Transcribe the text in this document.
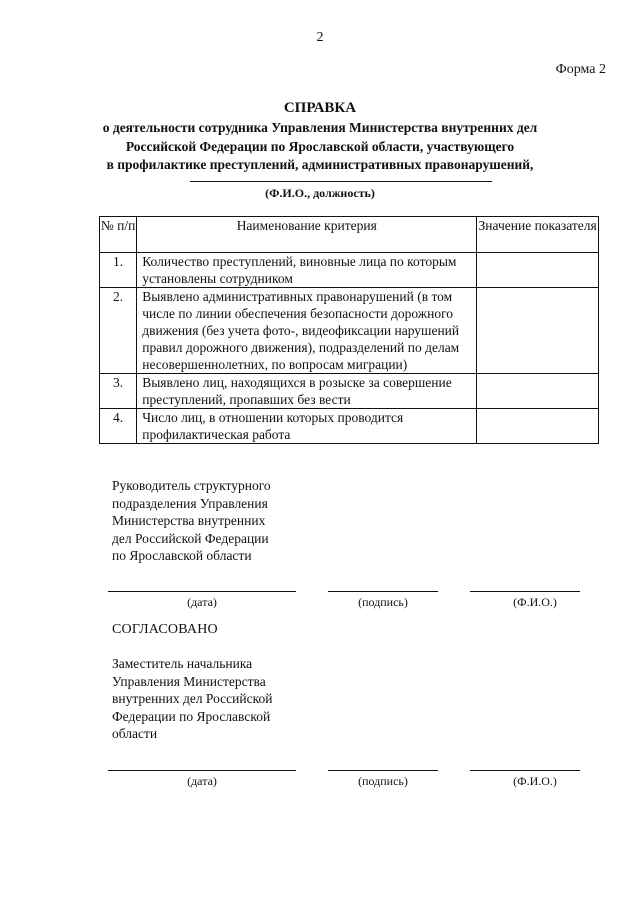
2
Форма 2
СПРАВКА
о деятельности сотрудника Управления Министерства внутренних дел
Российской Федерации по Ярославской области, участвующего
в профилактике преступлений, административных правонарушений,
(Ф.И.О., должность)
№ п/п	Наименование критерия	Значение показателя
1.	Количество преступлений, виновные лица по которым установлены сотрудником	
2.	Выявлено административных правонарушений (в том числе по линии обеспечения безопасности дорожного движения (без учета фото-, видеофиксации нарушений правил дорожного движения), подразделений по делам несовершеннолетних, по вопросам миграции)	
3.	Выявлено лиц, находящихся в розыске за совершение преступлений, пропавших без вести	
4.	Число лиц, в отношении которых проводится профилактическая работа	
Руководитель структурного
подразделения Управления
Министерства внутренних
дел Российской Федерации
по Ярославской области
(дата)	(подпись)	(Ф.И.О.)
СОГЛАСОВАНО
Заместитель начальника
Управления Министерства
внутренних дел Российской
Федерации по Ярославской
области
(дата)	(подпись)	(Ф.И.О.)
